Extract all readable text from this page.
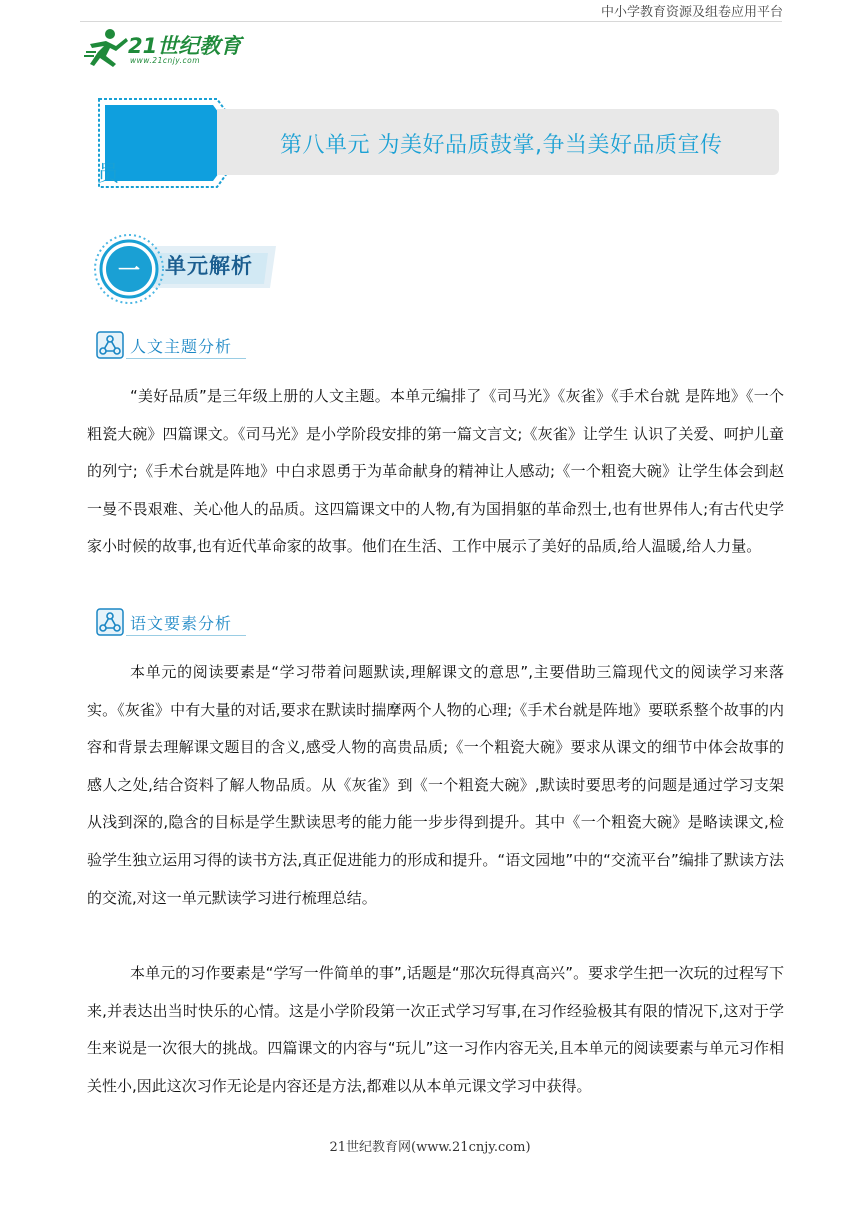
中小学教育资源及组卷应用平台
21世纪教育
www.21cnjy.com
第八单元 为美好品质鼓掌,争当美好品质宣传
员
一 单元解析
人文主题分析

“美好品质”是三年级上册的人文主题。本单元编排了《司马光》《灰雀》《手术台就 是阵地》《一个粗瓷大碗》四篇课文。《司马光》是小学阶段安排的第一篇文言文;《灰雀》让学生 认识了关爱、呵护儿童的列宁;《手术台就是阵地》中白求恩勇于为革命献身的精神让人感动;《一个粗瓷大碗》让学生体会到赵一曼不畏艰难、关心他人的品质。这四篇课文中的人物,有为国捐躯的革命烈士,也有世界伟人;有古代史学家小时候的故事,也有近代革命家的故事。他们在生活、工作中展示了美好的品质,给人温暖,给人力量。

语文要素分析

本单元的阅读要素是“学习带着问题默读,理解课文的意思”,主要借助三篇现代文的阅读学习来落实。《灰雀》中有大量的对话,要求在默读时揣摩两个人物的心理;《手术台就是阵地》要联系整个故事的内容和背景去理解课文题目的含义,感受人物的高贵品质;《一个粗瓷大碗》要求从课文的细节中体会故事的感人之处,结合资料了解人物品质。从《灰雀》到《一个粗瓷大碗》,默读时要思考的问题是通过学习支架从浅到深的,隐含的目标是学生默读思考的能力能一步步得到提升。其中《一个粗瓷大碗》是略读课文,检验学生独立运用习得的读书方法,真正促进能力的形成和提升。“语文园地”中的“交流平台”编排了默读方法的交流,对这一单元默读学习进行梳理总结。

本单元的习作要素是“学写一件简单的事”,话题是“那次玩得真高兴”。要求学生把一次玩的过程写下来,并表达出当时快乐的心情。这是小学阶段第一次正式学习写事,在习作经验极其有限的情况下,这对于学生来说是一次很大的挑战。四篇课文的内容与“玩儿”这一习作内容无关,且本单元的阅读要素与单元习作相关性小,因此这次习作无论是内容还是方法,都难以从本单元课文学习中获得。

21世纪教育网(www.21cnjy.com)
